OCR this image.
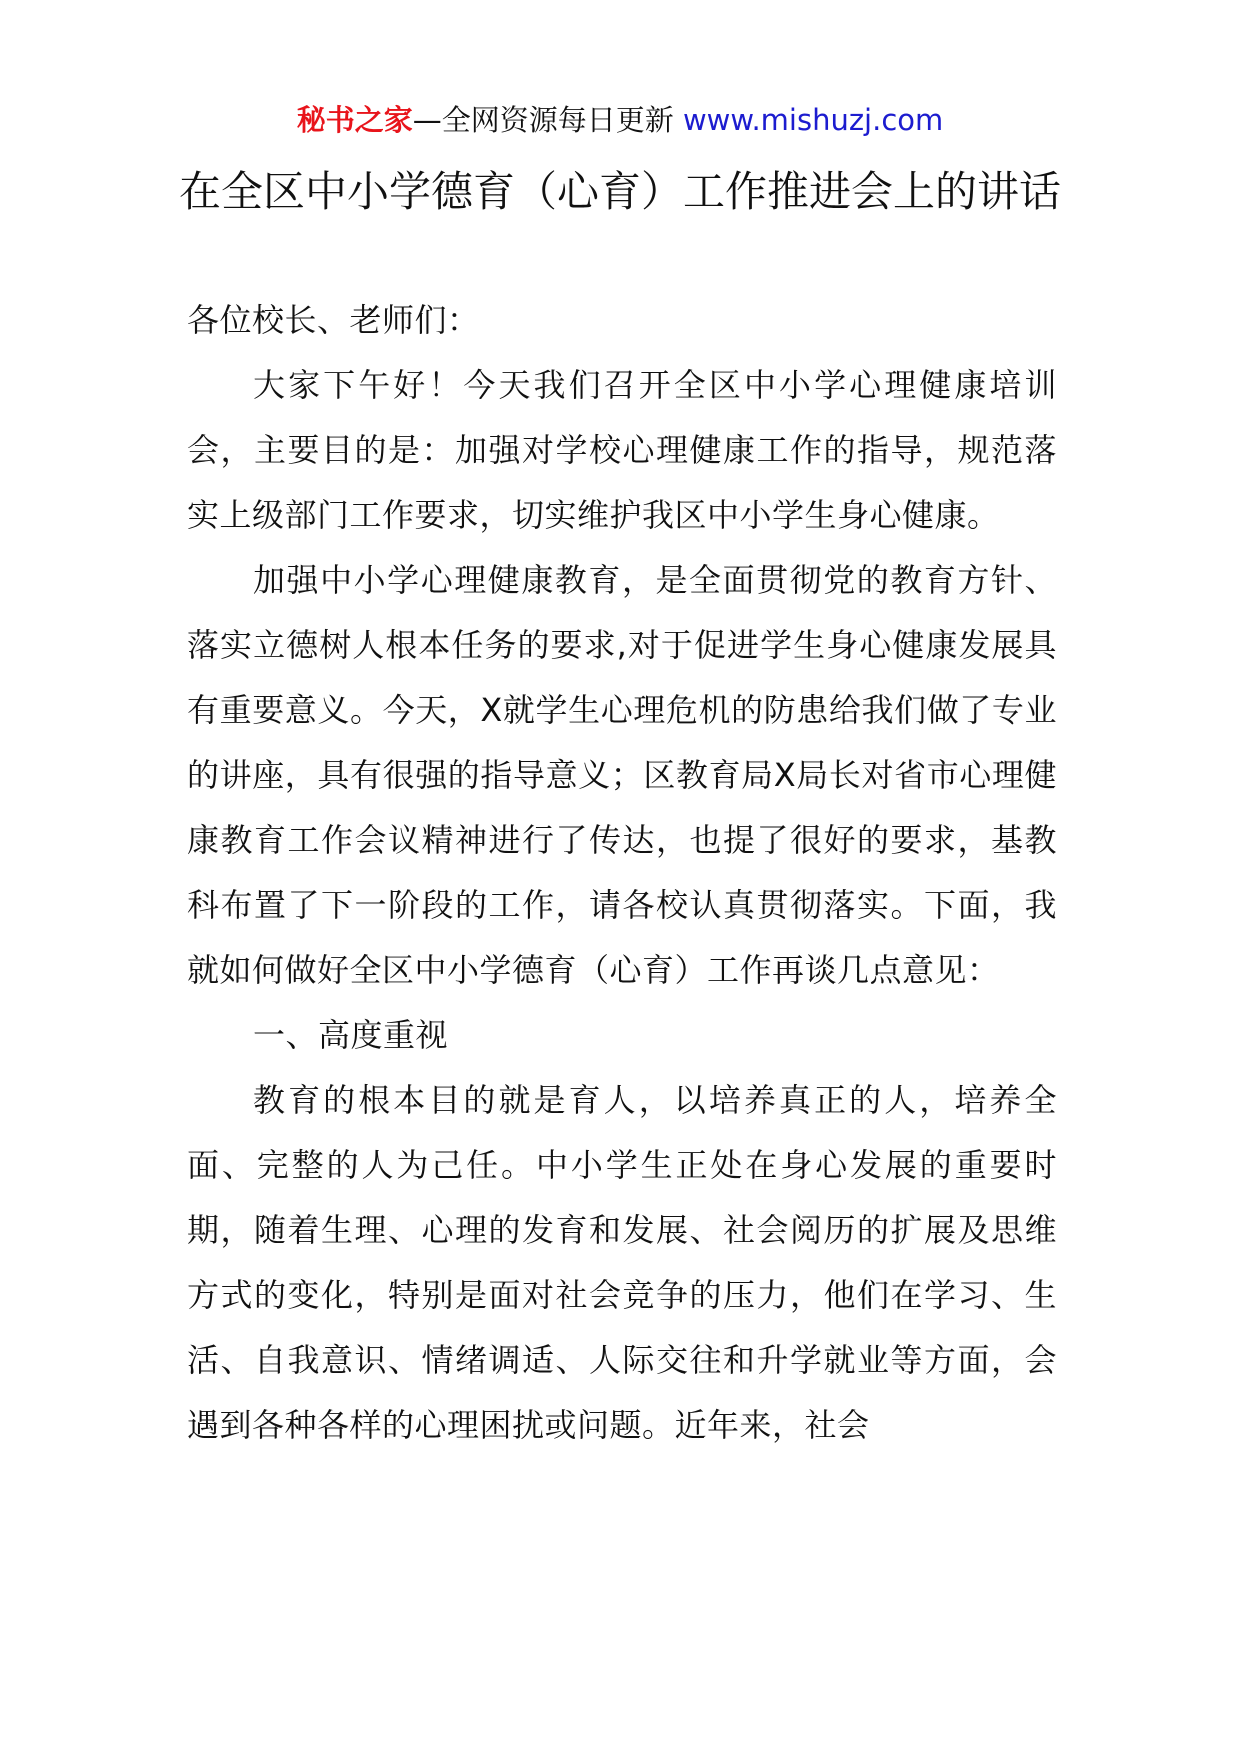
秘书之家—全网资源每日更新 www.mishuzj.com
在全区中小学德育（心育）工作推进会上的讲话

各位校长、老师们：

大家下午好！今天我们召开全区中小学心理健康培训会，主要目的是：加强对学校心理健康工作的指导，规范落实上级部门工作要求，切实维护我区中小学生身心健康。

加强中小学心理健康教育，是全面贯彻党的教育方针、落实立德树人根本任务的要求,对于促进学生身心健康发展具有重要意义。今天，X就学生心理危机的防患给我们做了专业的讲座，具有很强的指导意义；区教育局X局长对省市心理健康教育工作会议精神进行了传达，也提了很好的要求，基教科布置了下一阶段的工作，请各校认真贯彻落实。下面，我就如何做好全区中小学德育（心育）工作再谈几点意见：

一、高度重视

教育的根本目的就是育人，以培养真正的人，培养全面、完整的人为己任。中小学生正处在身心发展的重要时期，随着生理、心理的发育和发展、社会阅历的扩展及思维方式的变化，特别是面对社会竞争的压力，他们在学习、生活、自我意识、情绪调适、人际交往和升学就业等方面，会遇到各种各样的心理困扰或问题。近年来，社会
